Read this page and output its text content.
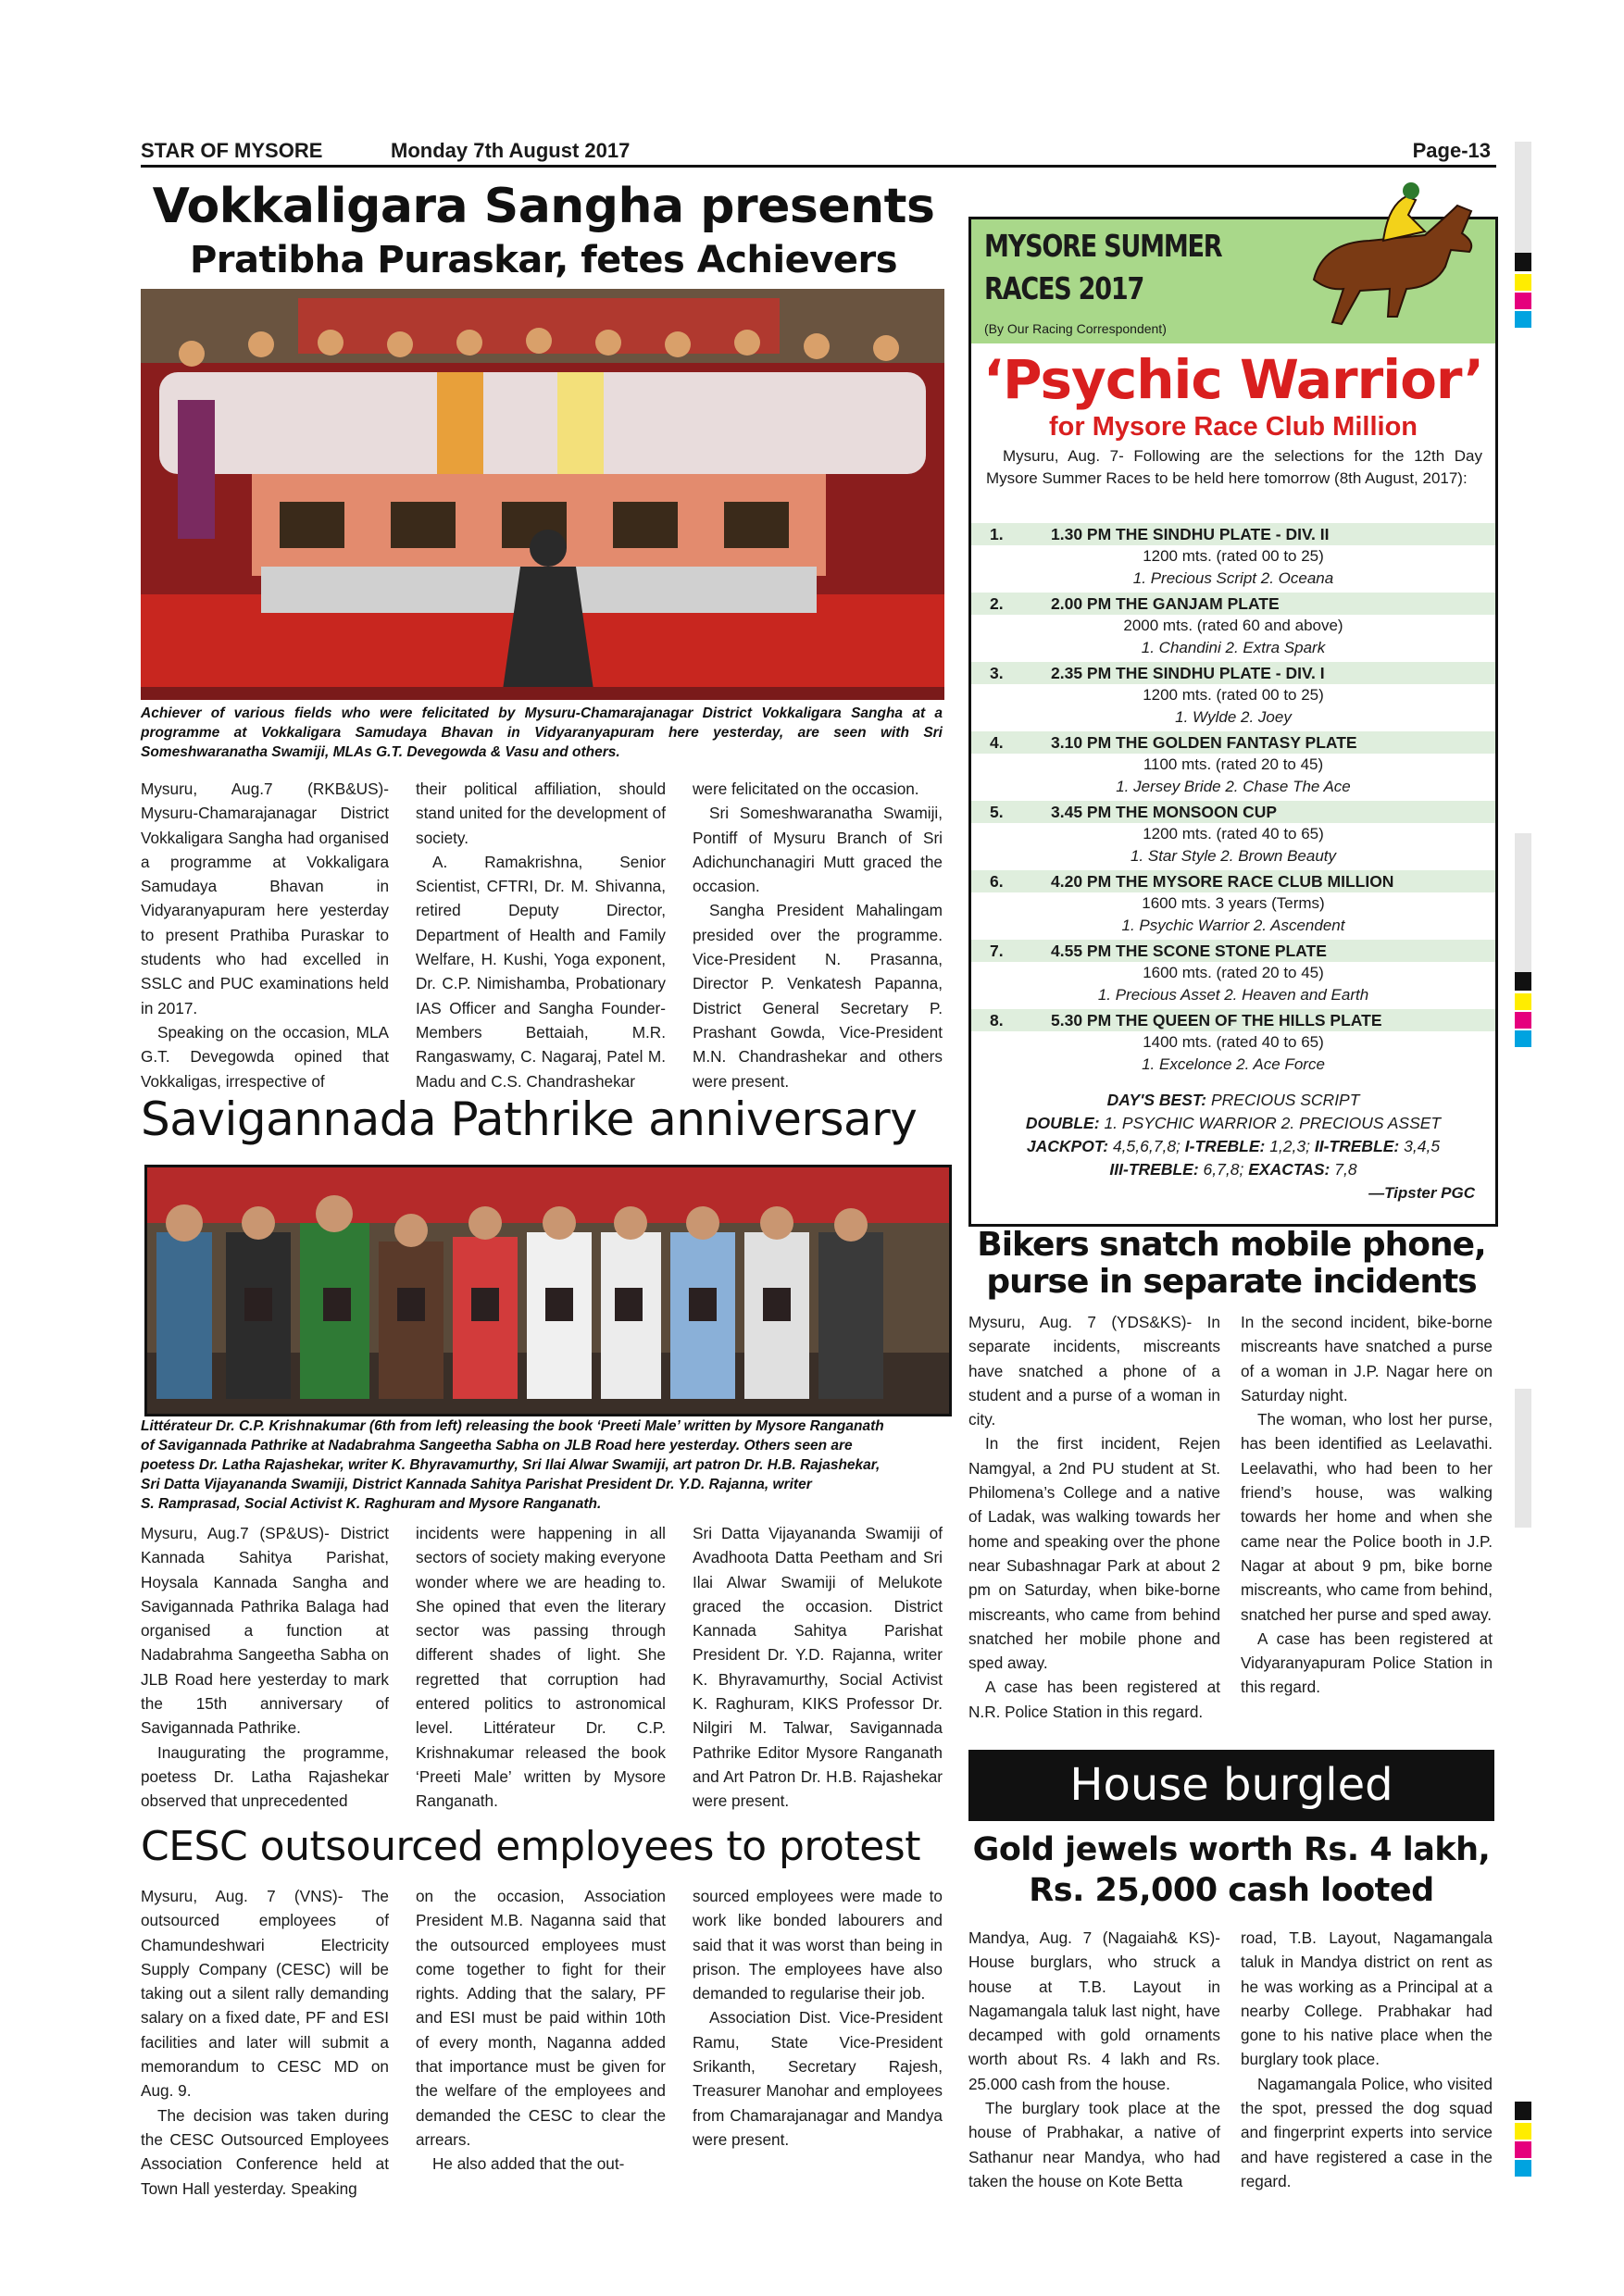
STAR OF MYSORE	Monday 7th August 2017	Page-13
Vokkaligara Sangha presents
Pratibha Puraskar, fetes Achievers
Achiever of various fields who were felicitated by Mysuru-Chamarajanagar District Vokkaligara Sangha at a programme at Vokkaligara Samudaya Bhavan in Vidyaranyapuram here yesterday, are seen with Sri Someshwaranatha Swamiji, MLAs G.T. Devegowda & Vasu and others.

Mysuru, Aug.7 (RKB&US)- Mysuru-Chamarajanagar District Vokkaligara Sangha had organised a programme at Vokkaligara Samudaya Bhavan in Vidyaranyapuram here yesterday to present Prathiba Puraskar to students who had excelled in SSLC and PUC examinations held in 2017.

Speaking on the occasion, MLA G.T. Devegowda opined that Vokkaligas, irrespective of

their political affiliation, should stand united for the development of society.

A. Ramakrishna, Senior Scientist, CFTRI, Dr. M. Shivanna, retired Deputy Director, Department of Health and Family Welfare, H. Kushi, Yoga exponent, Dr. C.P. Nimishamba, Probationary IAS Officer and Sangha Founder-Members Bettaiah, M.R. Rangaswamy, C. Nagaraj, Patel M. Madu and C.S. Chandrashekar

were felicitated on the occasion.

Sri Someshwaranatha Swamiji, Pontiff of Mysuru Branch of Sri Adichunchanagiri Mutt graced the occasion.

Sangha President Mahalingam presided over the programme. Vice-President N. Prasanna, Director P. Venkatesh Papanna, District General Secretary P. Prashant Gowda, Vice-President M.N. Chandrashekar and others were present.

Savigannada Pathrike anniversary
Littérateur Dr. C.P. Krishnakumar (6th from left) releasing the book ‘Preeti Male’ written by Mysore Ranganath
of Savigannada Pathrike at Nadabrahma Sangeetha Sabha on JLB Road here yesterday. Others seen are
poetess Dr. Latha Rajashekar, writer K. Bhyravamurthy, Sri Ilai Alwar Swamiji, art patron Dr. H.B. Rajashekar,
Sri Datta Vijayananda Swamiji, District Kannada Sahitya Parishat President Dr. Y.D. Rajanna, writer
S. Ramprasad, Social Activist K. Raghuram and Mysore Ranganath.

Mysuru, Aug.7 (SP&US)- District Kannada Sahitya Parishat, Hoysala Kannada Sangha and Savigannada Pathrika Balaga had organised a function at Nadabrahma Sangeetha Sabha on JLB Road here yesterday to mark the 15th anniversary of Savigannada Pathrike.

Inaugurating the programme, poetess Dr. Latha Rajashekar observed that unprecedented

incidents were happening in all sectors of society making everyone wonder where we are heading to. She opined that even the literary sector was passing through different shades of light. She regretted that corruption had entered politics to astronomical level. Littérateur Dr. C.P. Krishnakumar released the book ‘Preeti Male’ written by Mysore Ranganath.

Sri Datta Vijayananda Swamiji of Avadhoota Datta Peetham and Sri Ilai Alwar Swamiji of Melukote graced the occasion. District Kannada Sahitya Parishat President Dr. Y.D. Rajanna, writer K. Bhyravamurthy, Social Activist K. Raghuram, KIKS Professor Dr. Nilgiri M. Talwar, Savigannada Pathrike Editor Mysore Ranganath and Art Patron Dr. H.B. Rajashekar were present.

CESC outsourced employees to protest

Mysuru, Aug. 7 (VNS)- The outsourced employees of Chamundeshwari Electricity Supply Company (CESC) will be taking out a silent rally demanding salary on a fixed date, PF and ESI facilities and later will submit a memorandum to CESC MD on Aug. 9.

The decision was taken during the CESC Outsourced Employees Association Conference held at Town Hall yesterday. Speaking

on the occasion, Association President M.B. Naganna said that the outsourced employees must come together to fight for their rights. Adding that the salary, PF and ESI must be paid within 10th of every month, Naganna added that importance must be given for the welfare of the employees and demanded the CESC to clear the arrears.

He also added that the out-

sourced employees were made to work like bonded labourers and said that it was worst than being in prison. The employees have also demanded to regularise their job.

Association Dist. Vice-President Ramu, State Vice-President Srikanth, Secretary Rajesh, Treasurer Manohar and employees from Chamarajanagar and Mandya were present.

MYSORE SUMMER
RACES 2017
(By Our Racing Correspondent)
‘Psychic Warrior’
for Mysore Race Club Million

Mysuru, Aug. 7- Following are the selections for the 12th Day Mysore Summer Races to be held here tomorrow (8th August, 2017):

1.	1.30 PM THE SINDHU PLATE - DIV. II
1200 mts. (rated 00 to 25)
1. Precious Script 2. Oceana
2.	2.00 PM THE GANJAM PLATE
2000 mts. (rated 60 and above)
1. Chandini 2. Extra Spark
3.	2.35 PM THE SINDHU PLATE - DIV. I
1200 mts. (rated 00 to 25)
1. Wylde 2. Joey
4.	3.10 PM THE GOLDEN FANTASY PLATE
1100 mts. (rated 20 to 45)
1. Jersey Bride 2. Chase The Ace
5.	3.45 PM THE MONSOON CUP
1200 mts. (rated 40 to 65)
1. Star Style 2. Brown Beauty
6.	4.20 PM THE MYSORE RACE CLUB MILLION
1600 mts. 3 years (Terms)
1. Psychic Warrior 2. Ascendent
7.	4.55 PM THE SCONE STONE PLATE
1600 mts. (rated 20 to 45)
1. Precious Asset 2. Heaven and Earth
8.	5.30 PM THE QUEEN OF THE HILLS PLATE
1400 mts. (rated 40 to 65)
1. Excelonce 2. Ace Force
DAY'S BEST: PRECIOUS SCRIPT
DOUBLE: 1. PSYCHIC WARRIOR 2. PRECIOUS ASSET
JACKPOT: 4,5,6,7,8; I-TREBLE: 1,2,3; II-TREBLE: 3,4,5
III-TREBLE: 6,7,8; EXACTAS: 7,8
—Tipster PGC
Bikers snatch mobile phone,
purse in separate incidents

Mysuru, Aug. 7 (YDS&KS)- In separate incidents, miscreants have snatched a phone of a student and a purse of a woman in city.

In the first incident, Rejen Namgyal, a 2nd PU student at St. Philomena’s College and a native of Ladak, was walking towards her home and speaking over the phone near Subashnagar Park at about 2 pm on Saturday, when bike-borne miscreants, who came from behind snatched her mobile phone and sped away.

A case has been registered at N.R. Police Station in this regard.

In the second incident, bike-borne miscreants have snatched a purse of a woman in J.P. Nagar here on Saturday night.

The woman, who lost her purse, has been identified as Leelavathi. Leelavathi, who had been to her friend’s house, was walking towards her home and when she came near the Police booth in J.P. Nagar at about 9 pm, bike borne miscreants, who came from behind, snatched her purse and sped away.

A case has been registered at Vidyaranyapuram Police Station in this regard.

House burgled
Gold jewels worth Rs. 4 lakh,
Rs. 25,000 cash looted

Mandya, Aug. 7 (Nagaiah& KS)- House burglars, who struck a house at T.B. Layout in Nagamangala taluk last night, have decamped with gold ornaments worth about Rs. 4 lakh and Rs. 25.000 cash from the house.

The burglary took place at the house of Prabhakar, a native of Sathanur near Mandya, who had taken the house on Kote Betta

road, T.B. Layout, Nagamangala taluk in Mandya district on rent as he was working as a Principal at a nearby College. Prabhakar had gone to his native place when the burglary took place.

Nagamangala Police, who visited the spot, pressed the dog squad and fingerprint experts into service and have registered a case in the regard.
